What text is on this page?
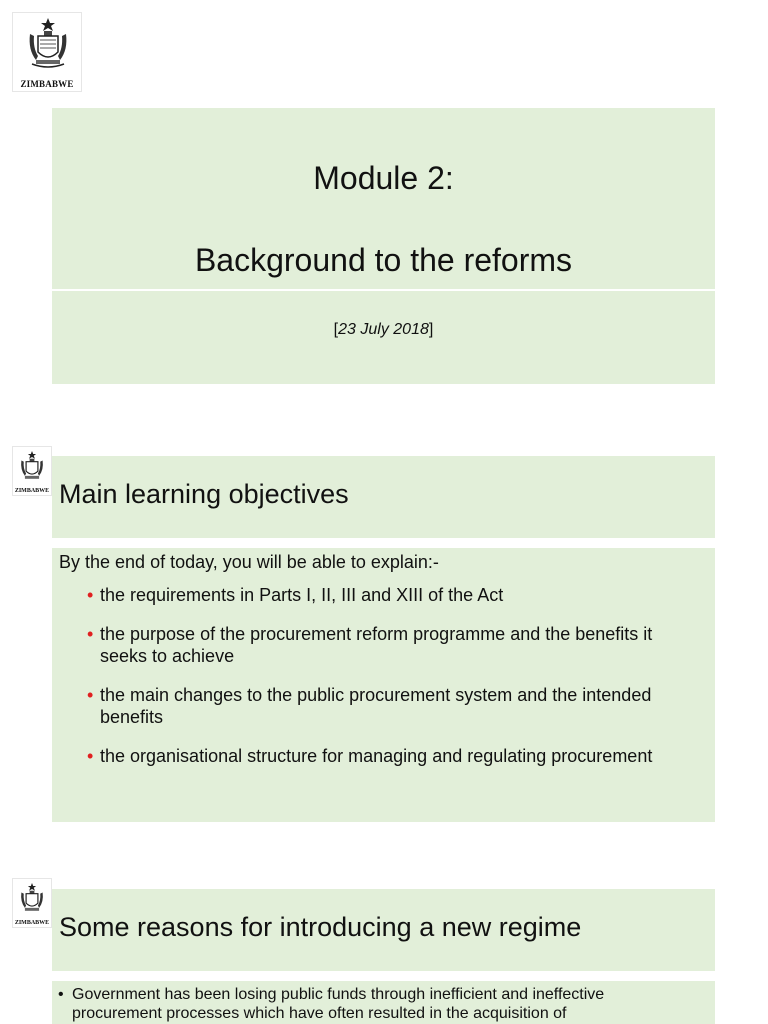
ZIMBABWE
Module 2:
Background to the reforms
[23 July 2018]
ZIMBABWE Main learning objectives
By the end of today, you will be able to explain:-
• the requirements in Parts I, II, III and XIII of the Act
• the purpose of the procurement reform programme and the benefits it seeks to achieve
• the main changes to the public procurement system and the intended benefits
• the organisational structure for managing and regulating procurement
ZIMBABWE Some reasons for introducing a new regime
• Government has been losing public funds through inefficient and ineffective procurement processes which have often resulted in the acquisition of
